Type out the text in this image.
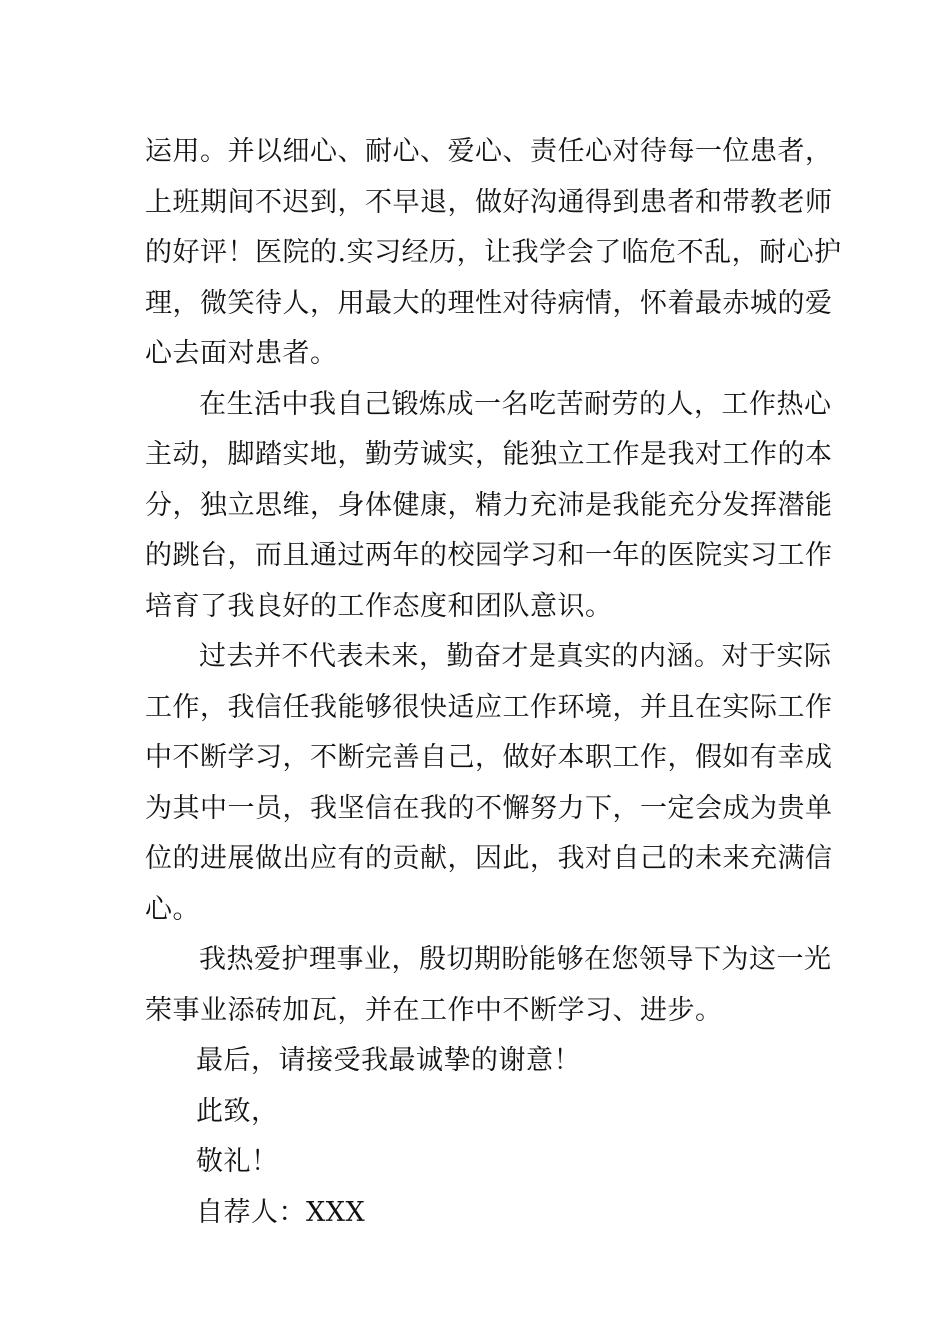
运用。并以细心、耐心、爱心、责任心对待每一位患者，
上班期间不迟到，不早退，做好沟通得到患者和带教老师
的好评！医院的.实习经历，让我学会了临危不乱，耐心护
理，微笑待人，用最大的理性对待病情，怀着最赤城的爱
心去面对患者。
在生活中我自己锻炼成一名吃苦耐劳的人，工作热心
主动，脚踏实地，勤劳诚实，能独立工作是我对工作的本
分，独立思维，身体健康，精力充沛是我能充分发挥潜能
的跳台，而且通过两年的校园学习和一年的医院实习工作
培育了我良好的工作态度和团队意识。
过去并不代表未来，勤奋才是真实的内涵。对于实际
工作，我信任我能够很快适应工作环境，并且在实际工作
中不断学习，不断完善自己，做好本职工作，假如有幸成
为其中一员，我坚信在我的不懈努力下，一定会成为贵单
位的进展做出应有的贡献，因此，我对自己的未来充满信
心。
我热爱护理事业，殷切期盼能够在您领导下为这一光
荣事业添砖加瓦，并在工作中不断学习、进步。
最后，请接受我最诚挚的谢意！
此致，
敬礼！
自荐人：XXX
